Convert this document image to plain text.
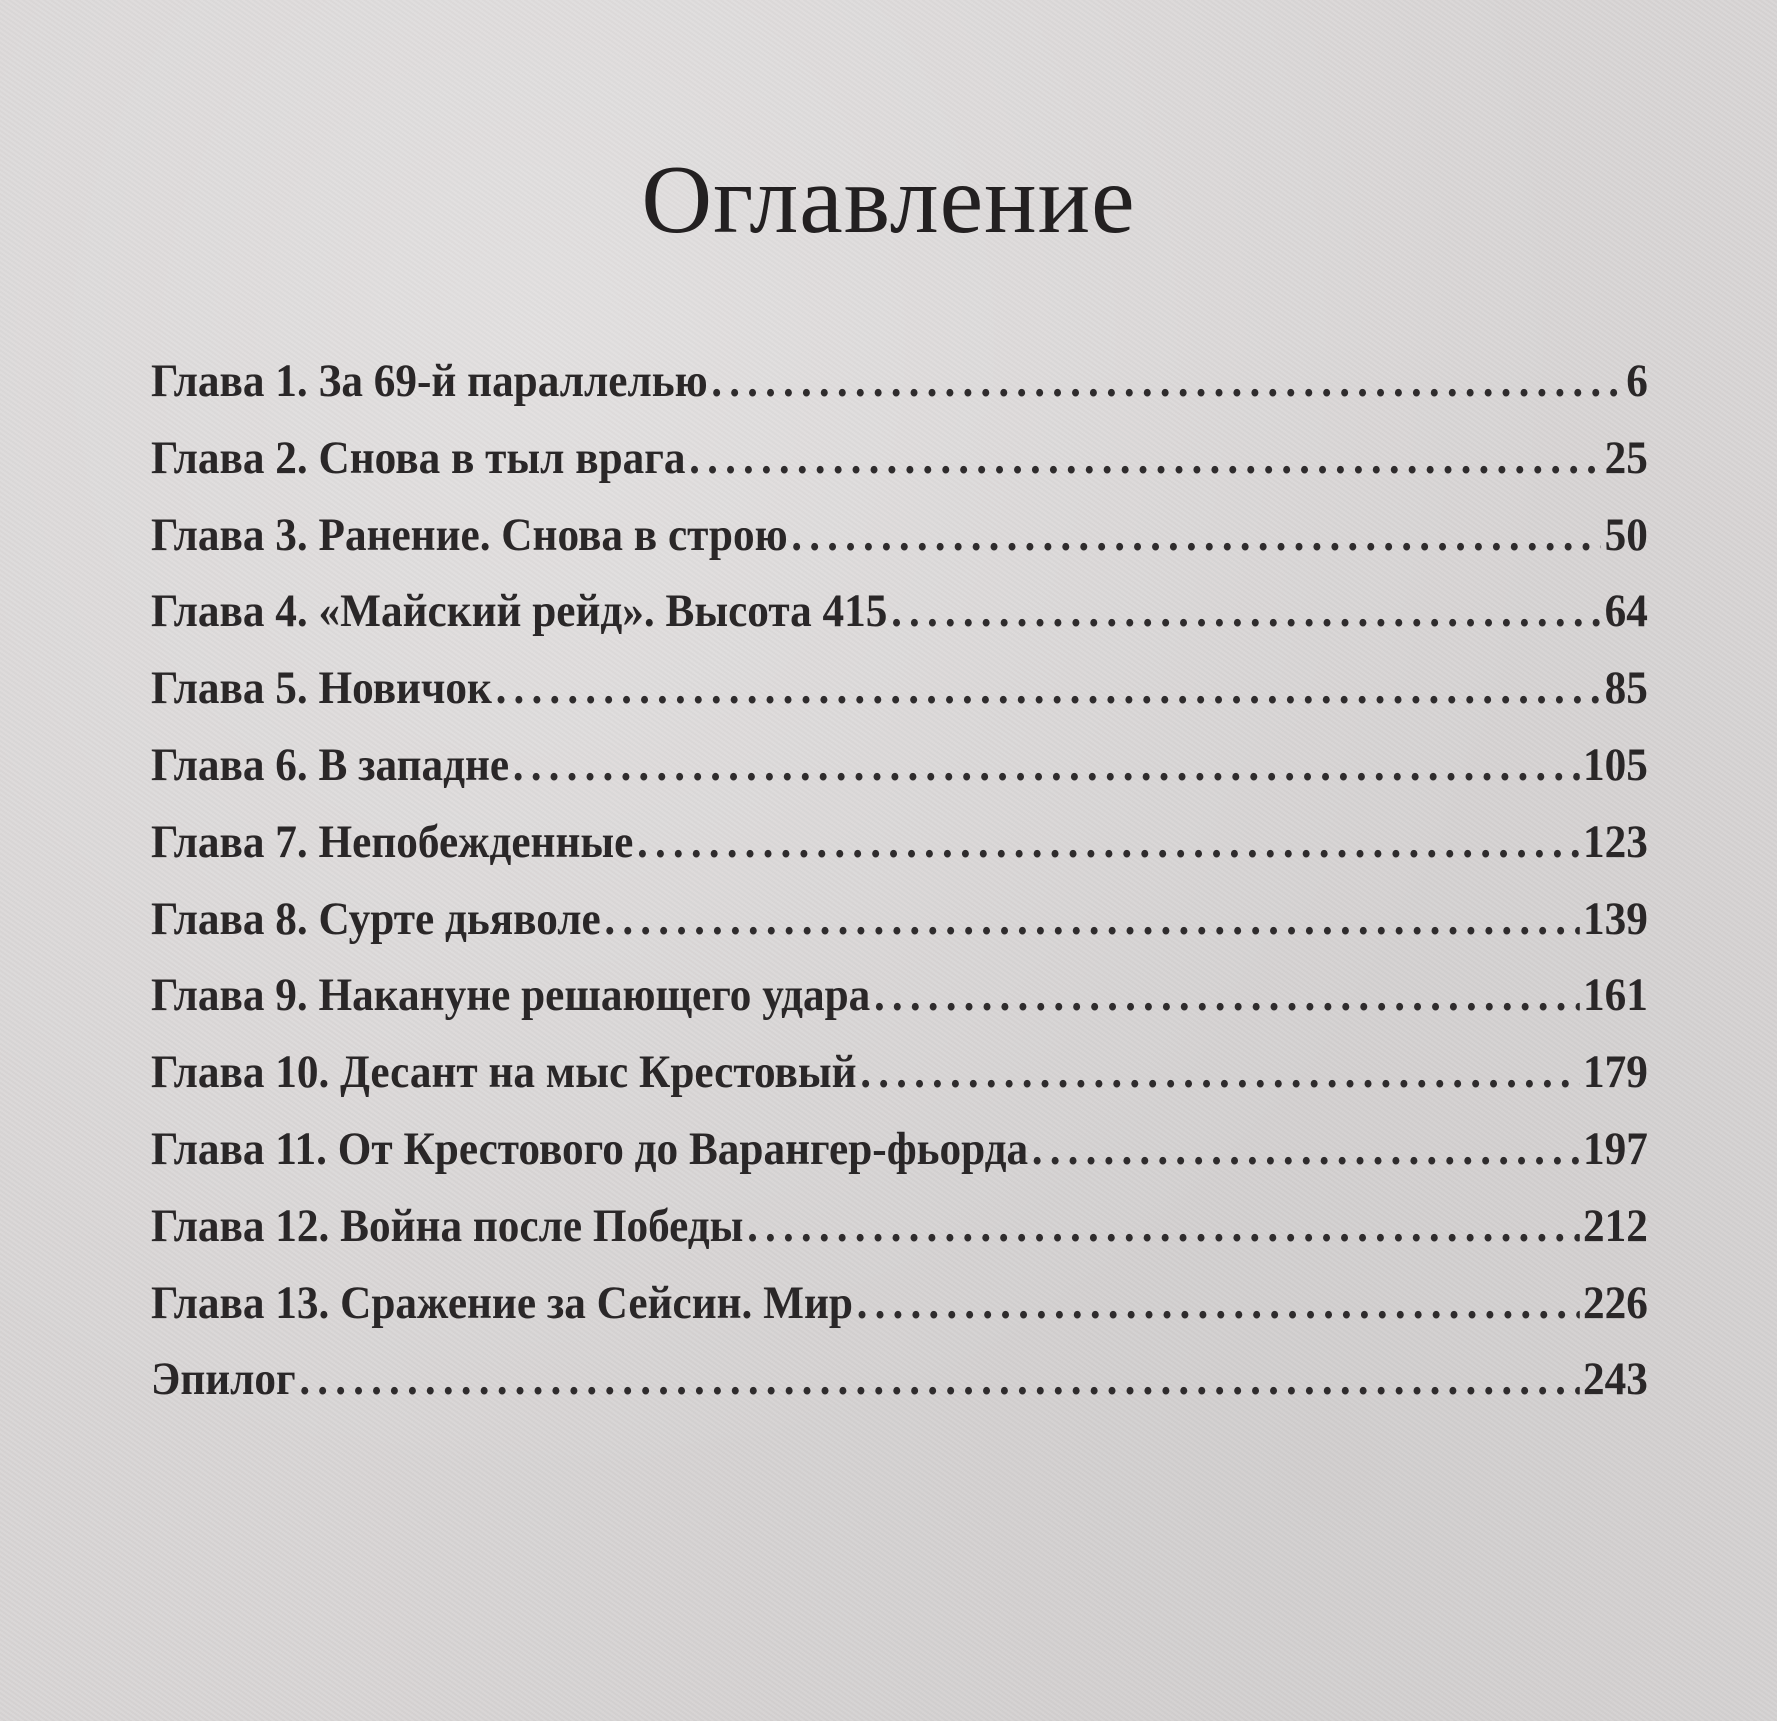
Оглавление
Глава 1. За 69-й параллелью . . .	6
Глава 2. Снова в тыл врага . . .	25
Глава 3. Ранение. Снова в строю . . .	50
Глава 4. «Майский рейд». Высота 415 . . .	64
Глава 5. Новичок . . .	85
Глава 6. В западне . . .	105
Глава 7. Непобежденные . . .	123
Глава 8. Сурте дьяволе . . .	139
Глава 9. Накануне решающего удара . . .	161
Глава 10. Десант на мыс Крестовый . . .	179
Глава 11. От Крестового до Варангер-фьорда . . .	197
Глава 12. Война после Победы . . .	212
Глава 13. Сражение за Сейсин. Мир . . .	226
Эпилог . . .	243
